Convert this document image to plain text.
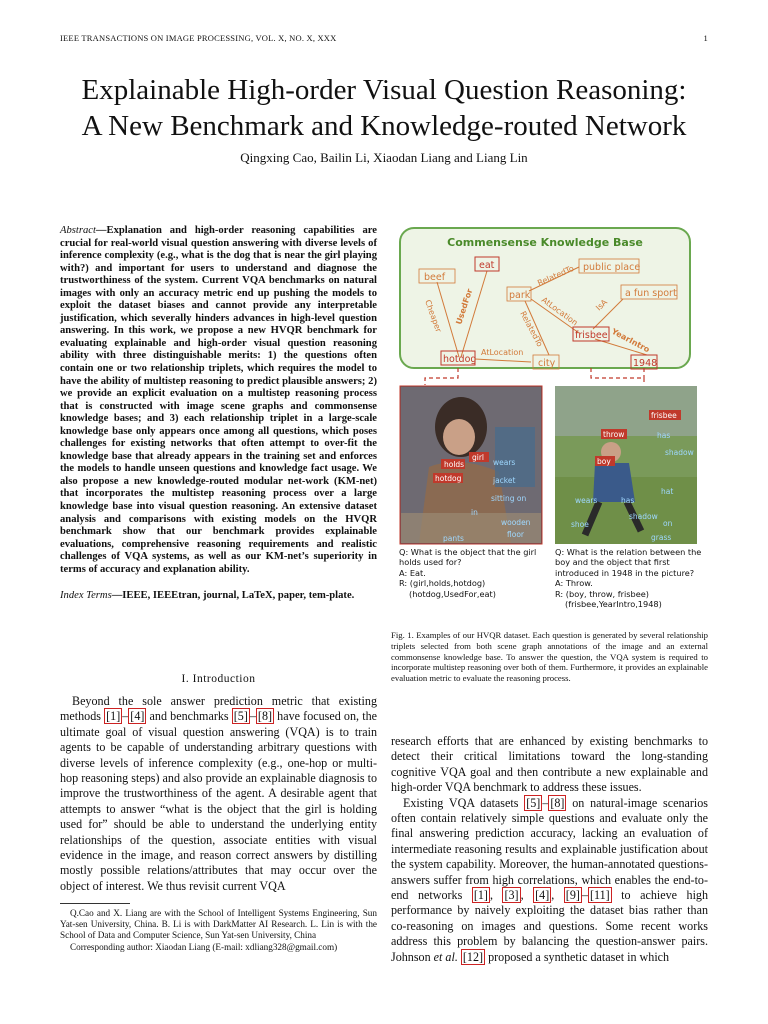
IEEE TRANSACTIONS ON IMAGE PROCESSING, VOL. X, NO. X, XXX	1
Explainable High-order Visual Question Reasoning:
A New Benchmark and Knowledge-routed Network
Qingxing Cao, Bailin Li, Xiaodan Liang and Liang Lin
Abstract—Explanation and high-order reasoning capabilities are crucial for real-world visual question answering with diverse levels of inference complexity (e.g., what is the dog that is near the girl playing with?) and important for users to understand and diagnose the trustworthiness of the system. Current VQA benchmarks on natural images with only an accuracy metric end up pushing the models to exploit the dataset biases and cannot provide any interpretable justification, which severally hinders advances in high-level question answering. In this work, we propose a new HVQR benchmark for evaluating explainable and high-order visual question reasoning ability with three distinguishable merits: 1) the questions often contain one or two relationship triplets, which requires the model to have the ability of multistep reasoning to predict plausible answers; 2) we provide an explicit evaluation on a multistep reasoning process that is constructed with image scene graphs and commonsense knowledge bases; and 3) each relationship triplet in a large-scale knowledge base only appears once among all questions, which poses challenges for existing networks that often attempt to over-fit the knowledge base that already appears in the training set and enforces the models to handle unseen questions and knowledge fact usage. We also propose a new knowledge-routed modular net-work (KM-net) that incorporates the multistep reasoning process over a large knowledge base into visual question reasoning. An extensive dataset analysis and comparisons with existing models on the HVQR benchmark show that our benchmark provides explainable evaluations, comprehensive reasoning requirements and realistic challenges of VQA systems, as well as our KM-net’s superiority in terms of accuracy and explanation ability.
Index Terms—IEEE, IEEEtran, journal, LaTeX, paper, tem-plate.
I. Introduction

Beyond the sole answer prediction metric that existing methods [1] – [4] and benchmarks [5] – [8] have focused on, the ultimate goal of visual question answering (VQA) is to train agents to be capable of understanding arbitrary questions with diverse levels of inference complexity (e.g., one-hop or multi-hop reasoning steps) and also provide an explainable diagnosis to improve the trustworthiness of the agent. A desirable agent that attempts to answer “what is the object that the girl is holding used for” should be able to understand the underlying entity relationships of the question, associate entities with visual evidence in the image, and reason correct answers by distilling mostly possible relations/attributes that may occur over the object of interest. We thus revisit current VQA

Q.Cao and X. Liang are with the School of Intelligent Systems Engineering, Sun Yat-sen University, China. B. Li is with DarkMatter AI Research. L. Lin is with the School of Data and Computer Science, Sun Yat-sen University, China

Corresponding author: Xiaodan Liang (E-mail: xdliang328@gmail.com)

Commensense Knowledge Base
Cheaper UsedFor
RelatedTo
AtLocation
RelatedTo
IsA
YearIntro
AtLocation
beef
eat	public place
park	a fun sport
hotdog	city
frisbee
1948
holds
girl
hotdog
wears
jacket
sitting on
in
wooden
floor
pants
frisbee
throw	has
shadow
boy
hat
wears	has
shadow
shoe	on
grass
Q: What is the object that the girl holds used for?
A: Eat.
R: (girl,holds,hotdog)
(hotdog,UsedFor,eat)
Q: What is the relation between the boy and the object that first introduced in 1948 in the picture?
A: Throw.
R: (boy, throw, frisbee)
(frisbee,YearIntro,1948)
Fig. 1. Examples of our HVQR dataset. Each question is generated by several relationship triplets selected from both scene graph annotations of the image and an external commonsense knowledge base. To answer the question, the VQA system is required to incorporate multistep reasoning over both of them. Furthermore, it provides an explainable evaluation metric to evaluate the reasoning process.

research efforts that are enhanced by existing benchmarks to detect their critical limitations toward the long-standing cognitive VQA goal and then contribute a new explainable and high-order VQA benchmark to address these issues.

Existing VQA datasets [5] – [8] on natural-image scenarios often contain relatively simple questions and evaluate only the final answering prediction accuracy, lacking an evaluation of intermediate reasoning results and explainable justification about the system capability. Moreover, the human-annotated questions-answers suffer from high correlations, which enables the end-to-end networks [1] , [3] , [4] , [9] – [11] to achieve high performance by naively exploiting the dataset bias rather than co-reasoning on images and questions. Some recent works address this problem by balancing the question-answer pairs. Johnson et al. [12] proposed a synthetic dataset in which
